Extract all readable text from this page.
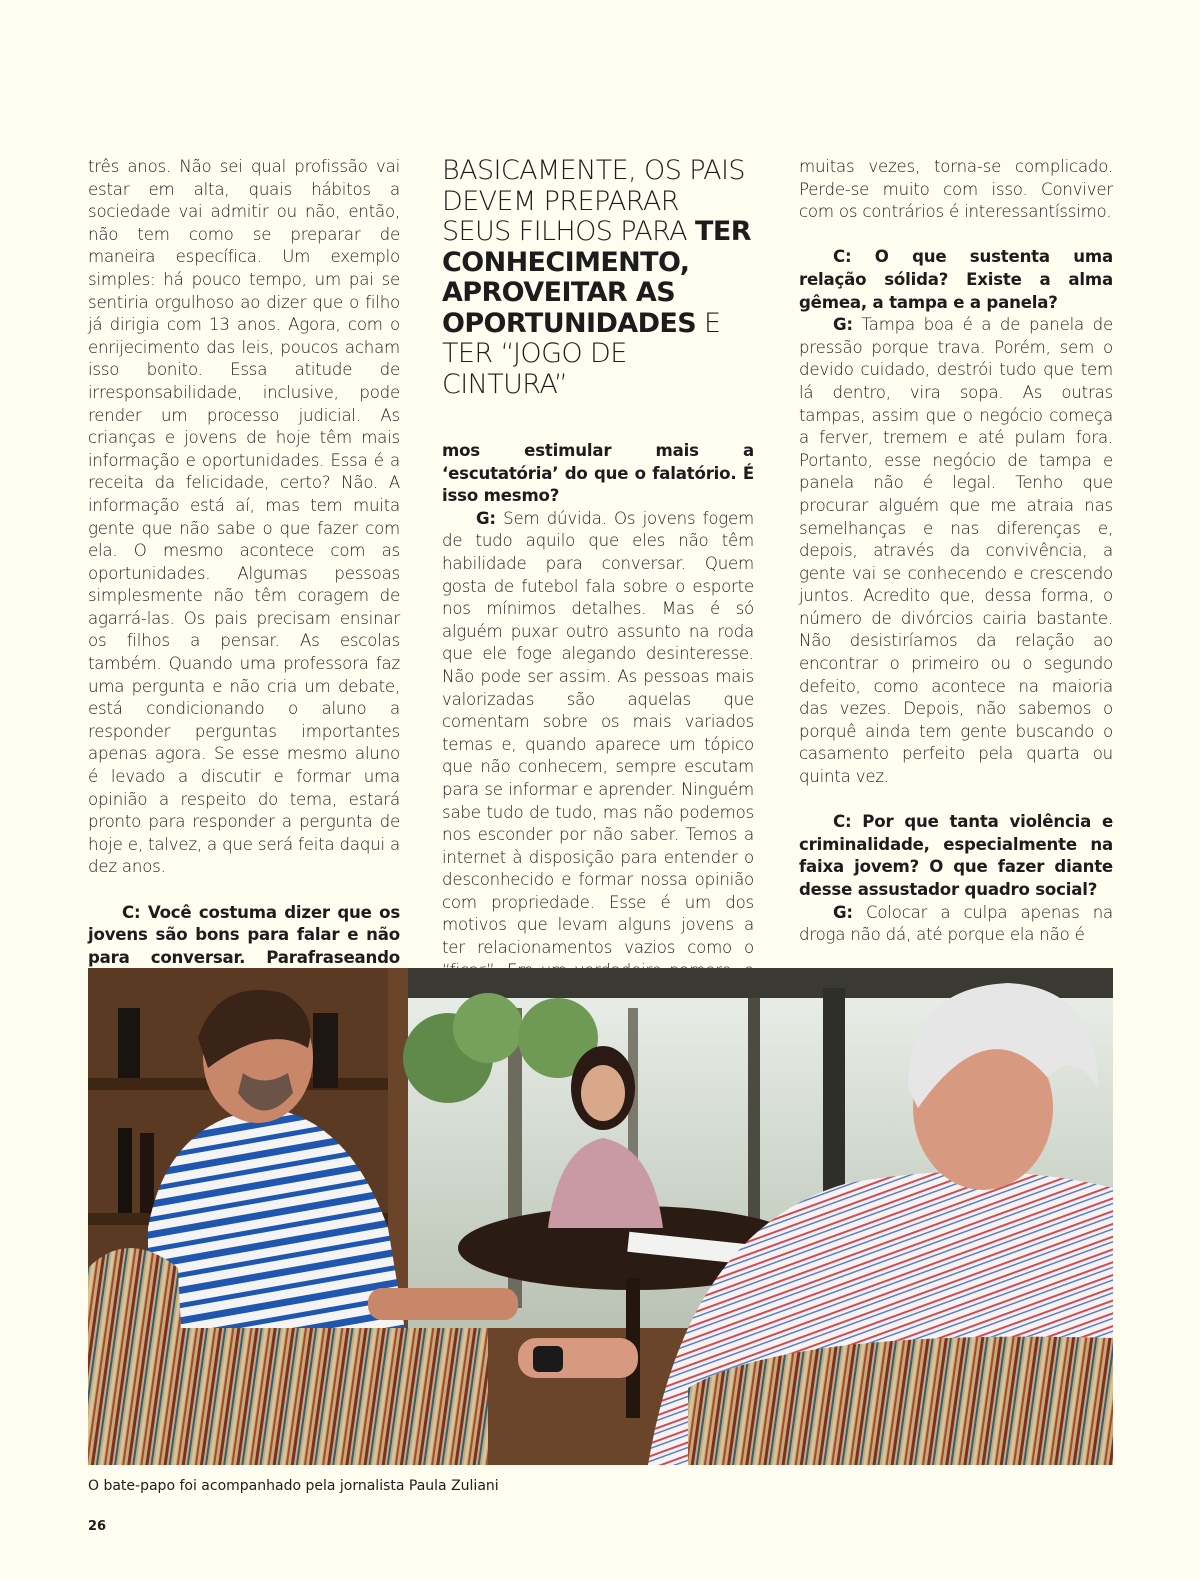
três anos. Não sei qual profissão vai estar em alta, quais hábitos a sociedade vai admitir ou não, então, não tem como se preparar de maneira específica. Um exemplo simples: há pouco tempo, um pai se sentiria orgulhoso ao dizer que o filho já dirigia com 13 anos. Agora, com o enrijecimento das leis, poucos acham isso bonito. Essa atitude de irresponsabilidade, inclusive, pode render um processo judicial. As crianças e jovens de hoje têm mais informação e oportunidades. Essa é a receita da felicidade, certo? Não. A informação está aí, mas tem muita gente que não sabe o que fazer com ela. O mesmo acontece com as oportunidades. Algumas pessoas simplesmente não têm coragem de agarrá-las. Os pais precisam ensinar os filhos a pensar. As escolas também. Quando uma professora faz uma pergunta e não cria um debate, está condicionando o aluno a responder perguntas importantes apenas agora. Se esse mesmo aluno é levado a discutir e formar uma opinião a respeito do tema, estará pronto para responder a pergunta de hoje e, talvez, a que será feita daqui a dez anos.

C: Você costuma dizer que os jovens são bons para falar e não para conversar. Parafraseando

BASICAMENTE, OS PAIS DEVEM PREPARAR SEUS FILHOS PARA TER CONHECIMENTO, APROVEITAR AS OPORTUNIDADES E TER “JOGO DE CINTURA”

mos estimular mais a ‘escutatória’ do que o falatório. É isso mesmo?

G: Sem dúvida. Os jovens fogem de tudo aquilo que eles não têm habilidade para conversar. Quem gosta de futebol fala sobre o esporte nos mínimos detalhes. Mas é só alguém puxar outro assunto na roda que ele foge alegando desinteresse. Não pode ser assim. As pessoas mais valorizadas são aquelas que comentam sobre os mais variados temas e, quando aparece um tópico que não conhecem, sempre escutam para se informar e aprender. Ninguém sabe tudo de tudo, mas não podemos nos esconder por não saber. Temos a internet à disposição para entender o desconhecido e formar nossa opinião com propriedade. Esse é um dos motivos que levam alguns jovens a ter relacionamentos vazios como o

muitas vezes, torna-se complicado. Perde-se muito com isso. Conviver com os contrários é interessantíssimo.

C: O que sustenta uma relação sólida? Existe a alma gêmea, a tampa e a panela?

G: Tampa boa é a de panela de pressão porque trava. Porém, sem o devido cuidado, destrói tudo que tem lá dentro, vira sopa. As outras tampas, assim que o negócio começa a ferver, tremem e até pulam fora. Portanto, esse negócio de tampa e panela não é legal. Tenho que procurar alguém que me atraia nas semelhanças e nas diferenças e, depois, através da convivência, a gente vai se conhecendo e crescendo juntos. Acredito que, dessa forma, o número de divórcios cairia bastante. Não desistiríamos da relação ao encontrar o primeiro ou o segundo defeito, como acontece na maioria das vezes. Depois, não sabemos o porquê ainda tem gente buscando o casamento perfeito pela quarta ou quinta vez.

C: Por que tanta violência e criminalidade, especialmente na faixa jovem? O que fazer diante desse assustador quadro social?

G: Colocar a culpa apenas na droga não dá, até porque ela não é

O bate-papo foi acompanhado pela jornalista Paula Zuliani
26
